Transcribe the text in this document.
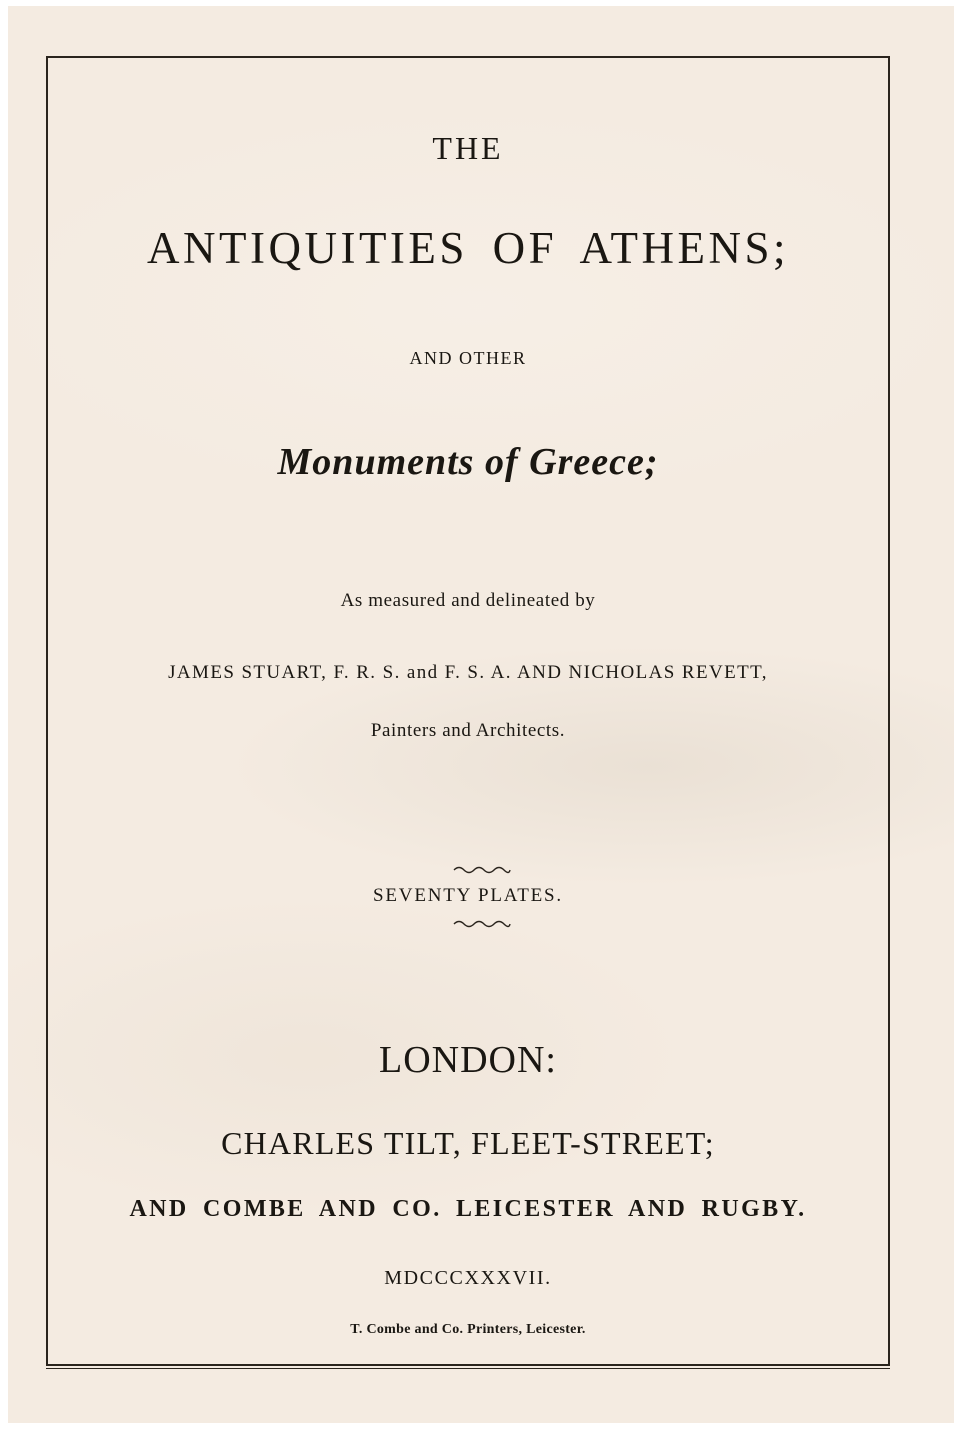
THE
ANTIQUITIES OF ATHENS;
AND OTHER
Monuments of Greece;
As measured and delineated by
JAMES STUART, F. R. S. and F. S. A. AND NICHOLAS REVETT,
Painters and Architects.
SEVENTY PLATES.
LONDON:
CHARLES TILT, FLEET-STREET;
AND COMBE AND CO. LEICESTER AND RUGBY.
MDCCCXXXVII.
T. Combe and Co. Printers, Leicester.
